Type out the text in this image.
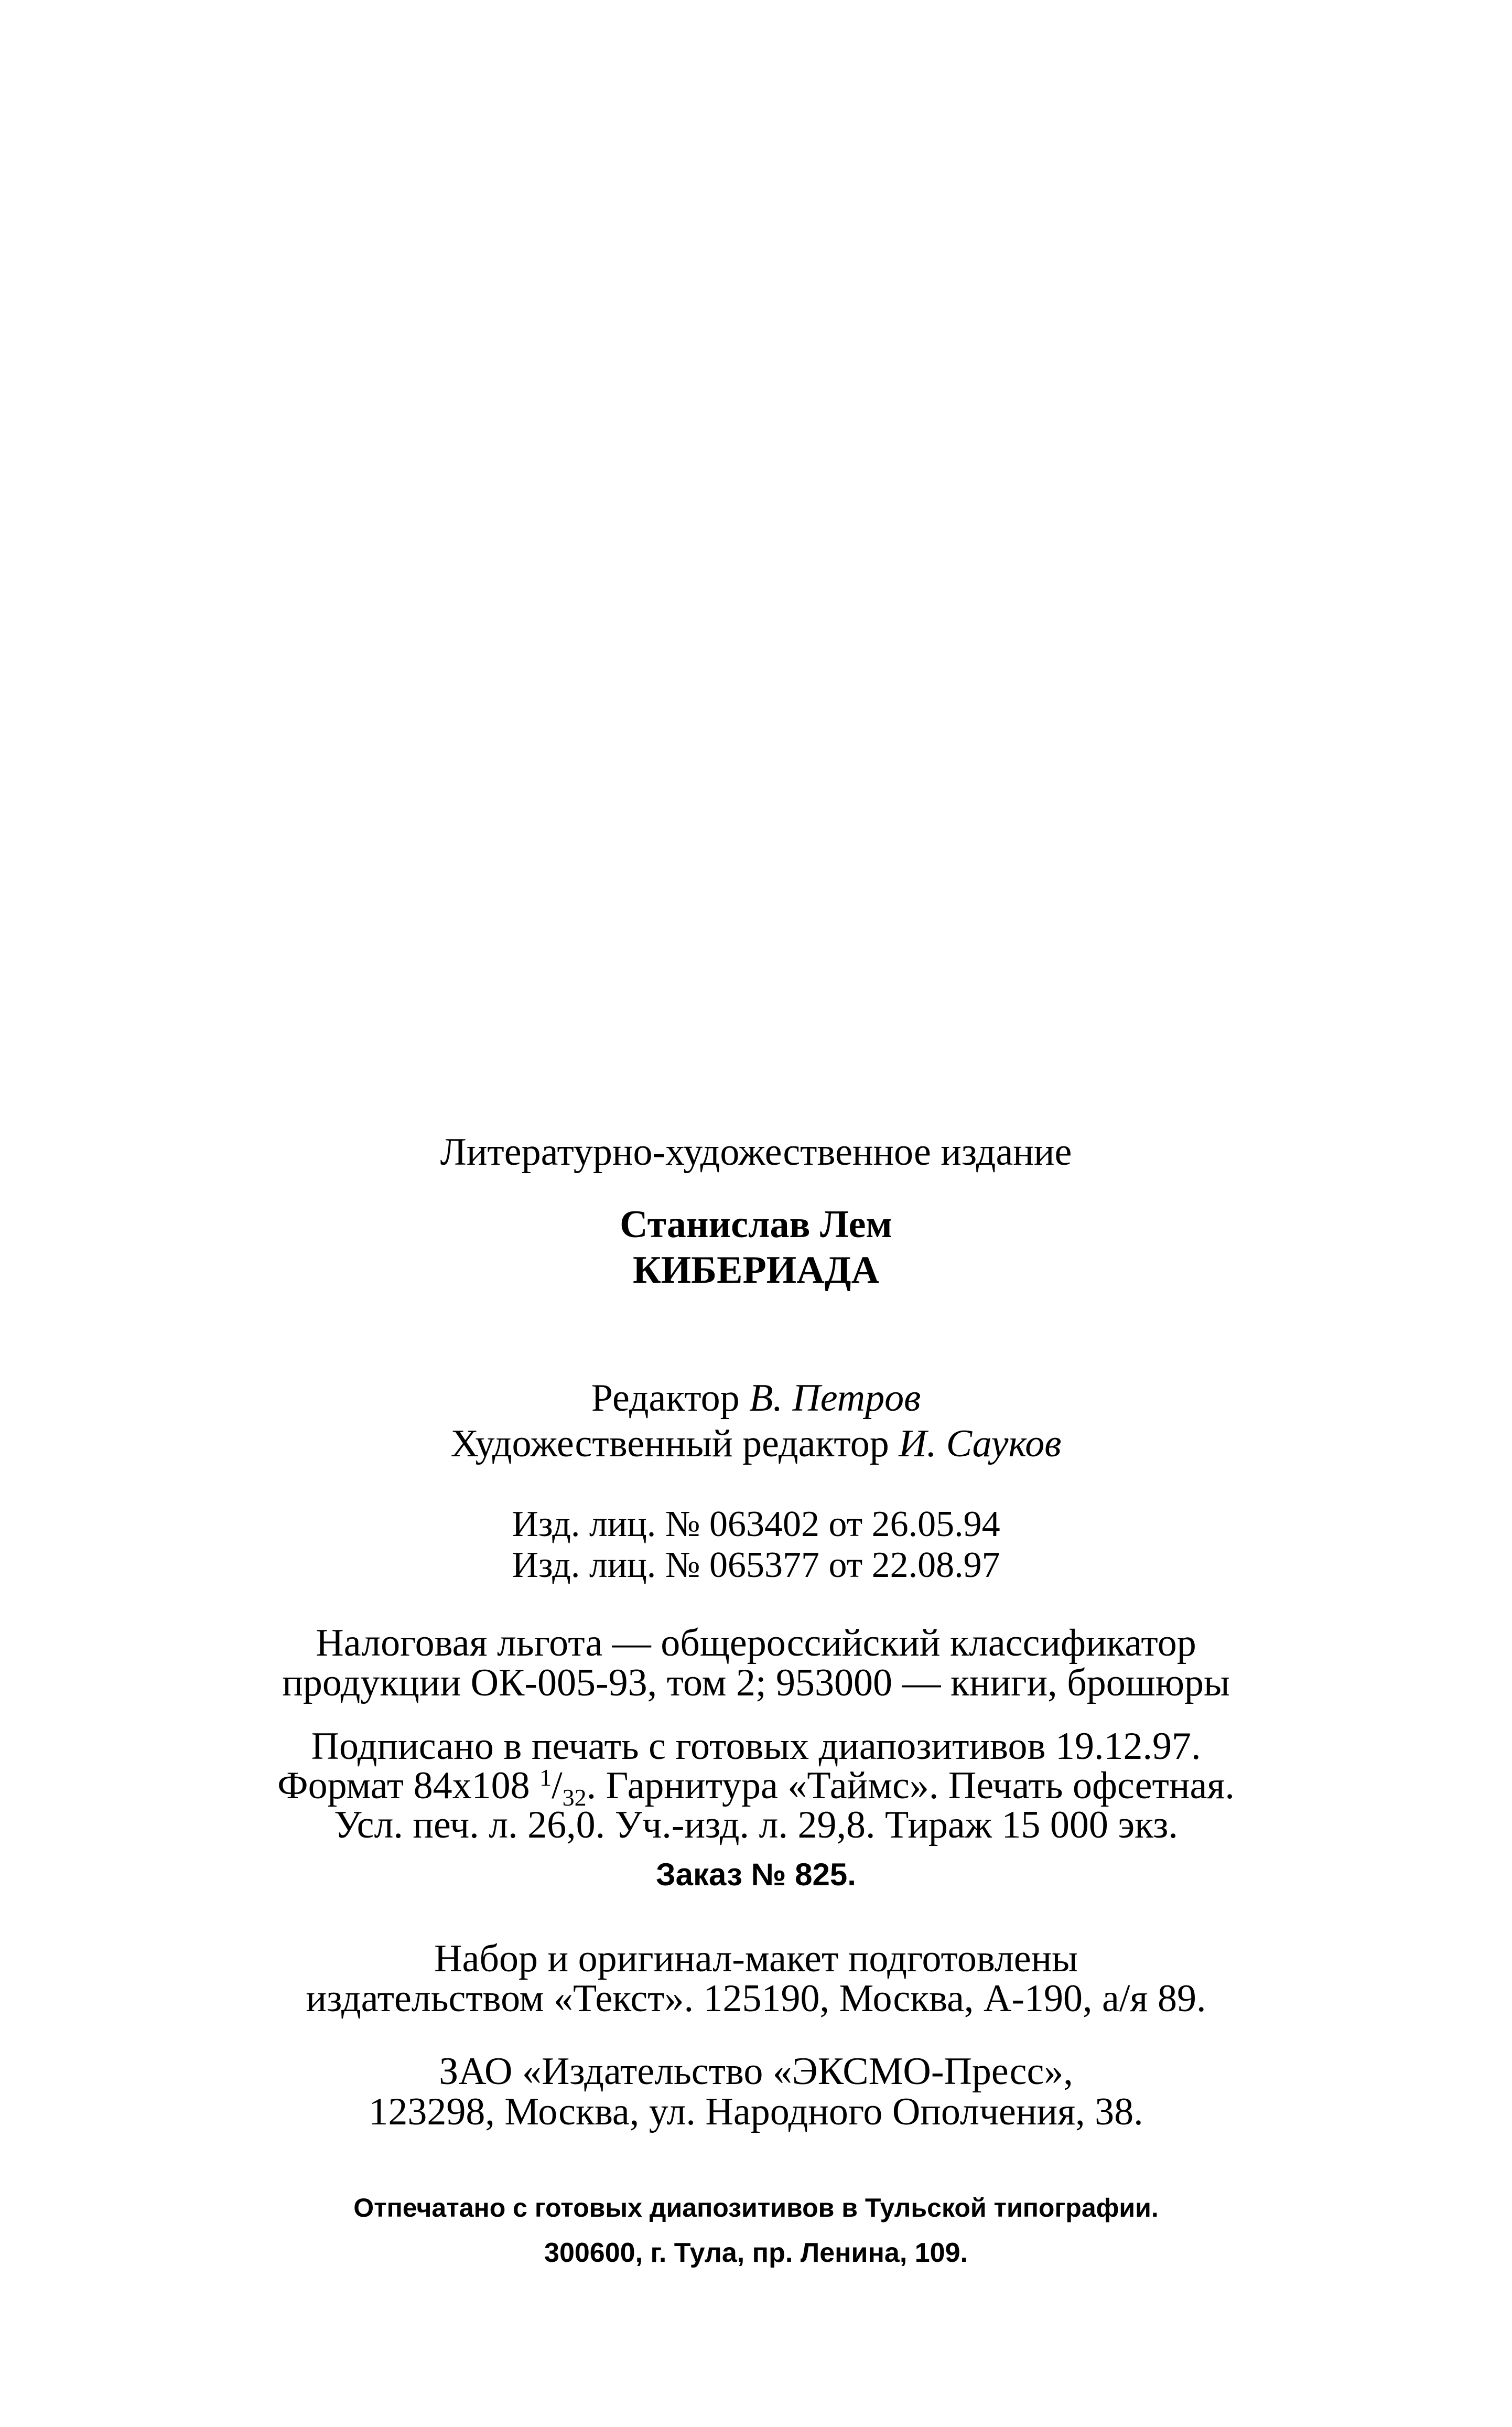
Литературно-художественное издание
Станислав Лем
КИБЕРИАДА
Редактор В. Петров
Художественный редактор И. Сауков
Изд. лиц. № 063402 от 26.05.94
Изд. лиц. № 065377 от 22.08.97
Налоговая льгота — общероссийский классификатор
продукции ОК-005-93, том 2; 953000 — книги, брошюры
Подписано в печать с готовых диапозитивов 19.12.97.
Формат 84x108 $^1/_{32}$. Гарнитура «Таймс». Печать офсетная.
Усл. печ. л. 26,0. Уч.-изд. л. 29,8. Тираж 15 000 экз.
Заказ № 825.
Набор и оригинал-макет подготовлены
издательством «Текст». 125190, Москва, А-190, а/я 89.
ЗАО «Издательство «ЭКСМО-Пресс»,
123298, Москва, ул. Народного Ополчения, 38.
Отпечатано с готовых диапозитивов в Тульской типографии.
300600, г. Тула, пр. Ленина, 109.
